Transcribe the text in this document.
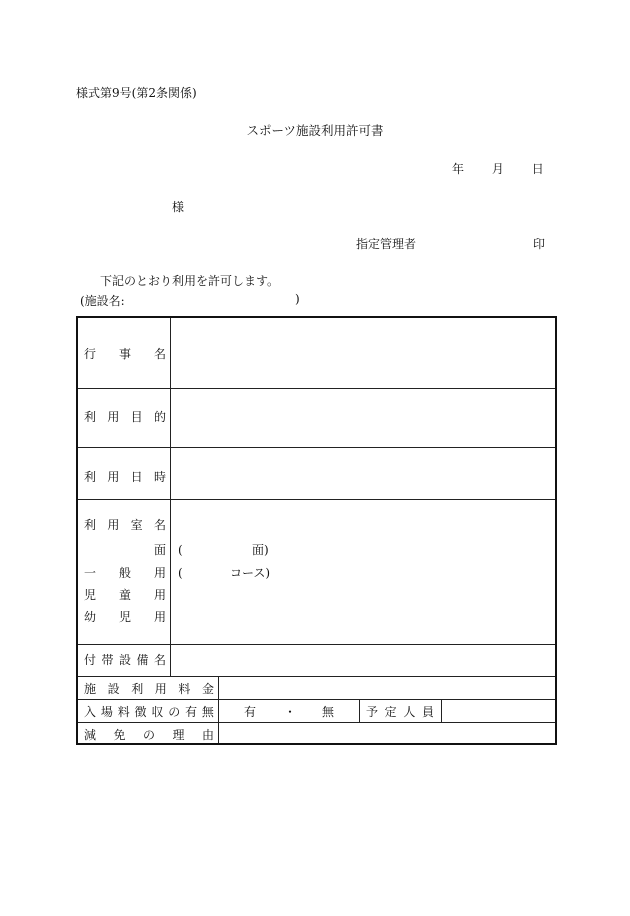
様式第9号(第2条関係)
スポーツ施設利用許可書
年 月 日
様
指定管理者	印
下記のとおり利用を許可します。
(施設名:	)
行 事 名
利 用 目 的
利 用 日 時
利 用 室 名
面 (	面)
一 般 用 (	コース)
児 童 用
幼 児 用
付 帯 設 備 名
施 設 利 用 料 金
入 場 料 徴 収 の 有 無	有 ・ 無	予 定 人 員
減 免 の 理 由
